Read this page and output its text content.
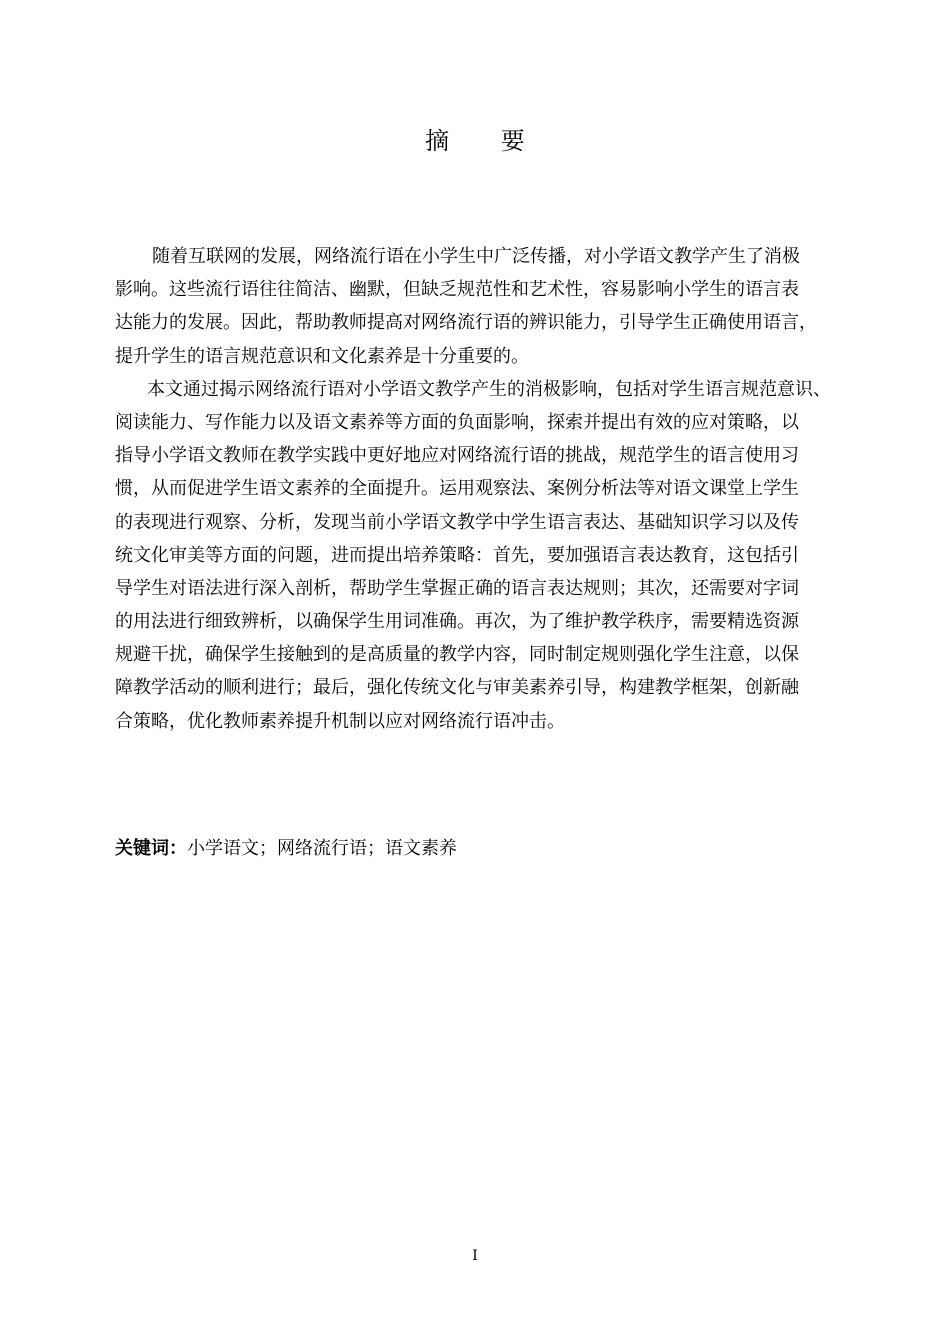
摘 要
随着互联网的发展，网络流行语在小学生中广泛传播，对小学语文教学产生了消极
影响。这些流行语往往简洁、幽默，但缺乏规范性和艺术性，容易影响小学生的语言表
达能力的发展。因此，帮助教师提高对网络流行语的辨识能力，引导学生正确使用语言，
提升学生的语言规范意识和文化素养是十分重要的。
本文通过揭示网络流行语对小学语文教学产生的消极影响，包括对学生语言规范意识、
阅读能力、写作能力以及语文素养等方面的负面影响，探索并提出有效的应对策略，以
指导小学语文教师在教学实践中更好地应对网络流行语的挑战，规范学生的语言使用习
惯，从而促进学生语文素养的全面提升。运用观察法、案例分析法等对语文课堂上学生
的表现进行观察、分析，发现当前小学语文教学中学生语言表达、基础知识学习以及传
统文化审美等方面的问题，进而提出培养策略：首先，要加强语言表达教育，这包括引
导学生对语法进行深入剖析，帮助学生掌握正确的语言表达规则；其次，还需要对字词
的用法进行细致辨析，以确保学生用词准确。再次，为了维护教学秩序，需要精选资源
规避干扰，确保学生接触到的是高质量的教学内容，同时制定规则强化学生注意，以保
障教学活动的顺利进行；最后，强化传统文化与审美素养引导，构建教学框架，创新融
合策略，优化教师素养提升机制以应对网络流行语冲击。
关键词：小学语文；网络流行语；语文素养
I
